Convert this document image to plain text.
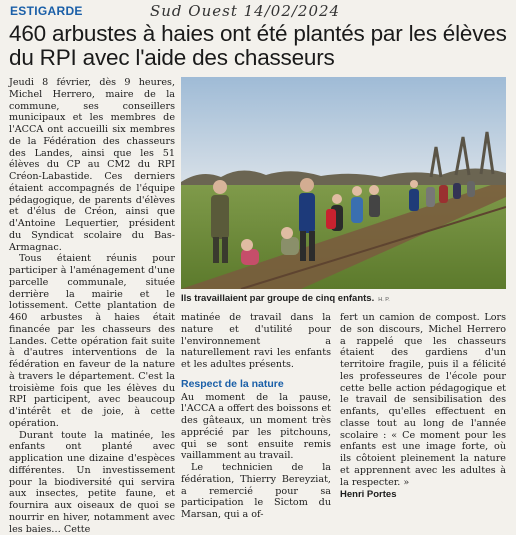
ESTIGARDE	Sud Ouest 14/02/2024
460 arbustes à haies ont été plantés par les élèves du RPI avec l'aide des chasseurs

Jeudi 8 février, dès 9 heures, Michel Herrero, maire de la commune, ses conseillers municipaux et les membres de l'ACCA ont accueilli six membres de la Fédération des chasseurs des Landes, ainsi que les 51 élèves du CP au CM2 du RPI Créon-Labastide. Ces derniers étaient accompagnés de l'équipe pédagogique, de parents d'élèves et d'élus de Créon, ainsi que d'Antoine Lequertier, président du Syndicat scolaire du Bas-Armagnac.

Tous étaient réunis pour participer à l'aménagement d'une parcelle communale, située derrière la mairie et le lotissement. Cette plantation de 460 arbustes à haies était financée par les chasseurs des Landes. Cette opération fait suite à d'autres interventions de la fédération en faveur de la nature à travers le département. C'est la troisième fois que les élèves du RPI participent, avec beaucoup d'intérêt et de joie, à cette opération.

Durant toute la matinée, les enfants ont planté avec application une dizaine d'espèces différentes. Un investissement pour la biodiversité qui servira aux insectes, petite faune, et fournira aux oiseaux de quoi se nourrir en hiver, notamment avec les baies… Cette

Ils travaillaient par groupe de cinq enfants. H. P.

matinée de travail dans la nature et d'utilité pour l'environnement a naturellement ravi les enfants et les adultes présents.

Respect de la nature

Au moment de la pause, l'ACCA a offert des boissons et des gâteaux, un moment très apprécié par les pitchouns, qui se sont ensuite remis vaillamment au travail.

Le technicien de la fédération, Thierry Bereyziat, a remercié pour sa participation le Sictom du Marsan, qui a of-

fert un camion de compost. Lors de son discours, Michel Herrero a rappelé que les chasseurs étaient des gardiens d'un territoire fragile, puis il a félicité les professeures de l'école pour cette belle action pédagogique et le travail de sensibilisation des enfants, qu'elles effectuent en classe tout au long de l'année scolaire : « Ce moment pour les enfants est une image forte, où ils côtoient pleinement la nature et apprennent avec les adultes à la respecter. »

Henri Portes
